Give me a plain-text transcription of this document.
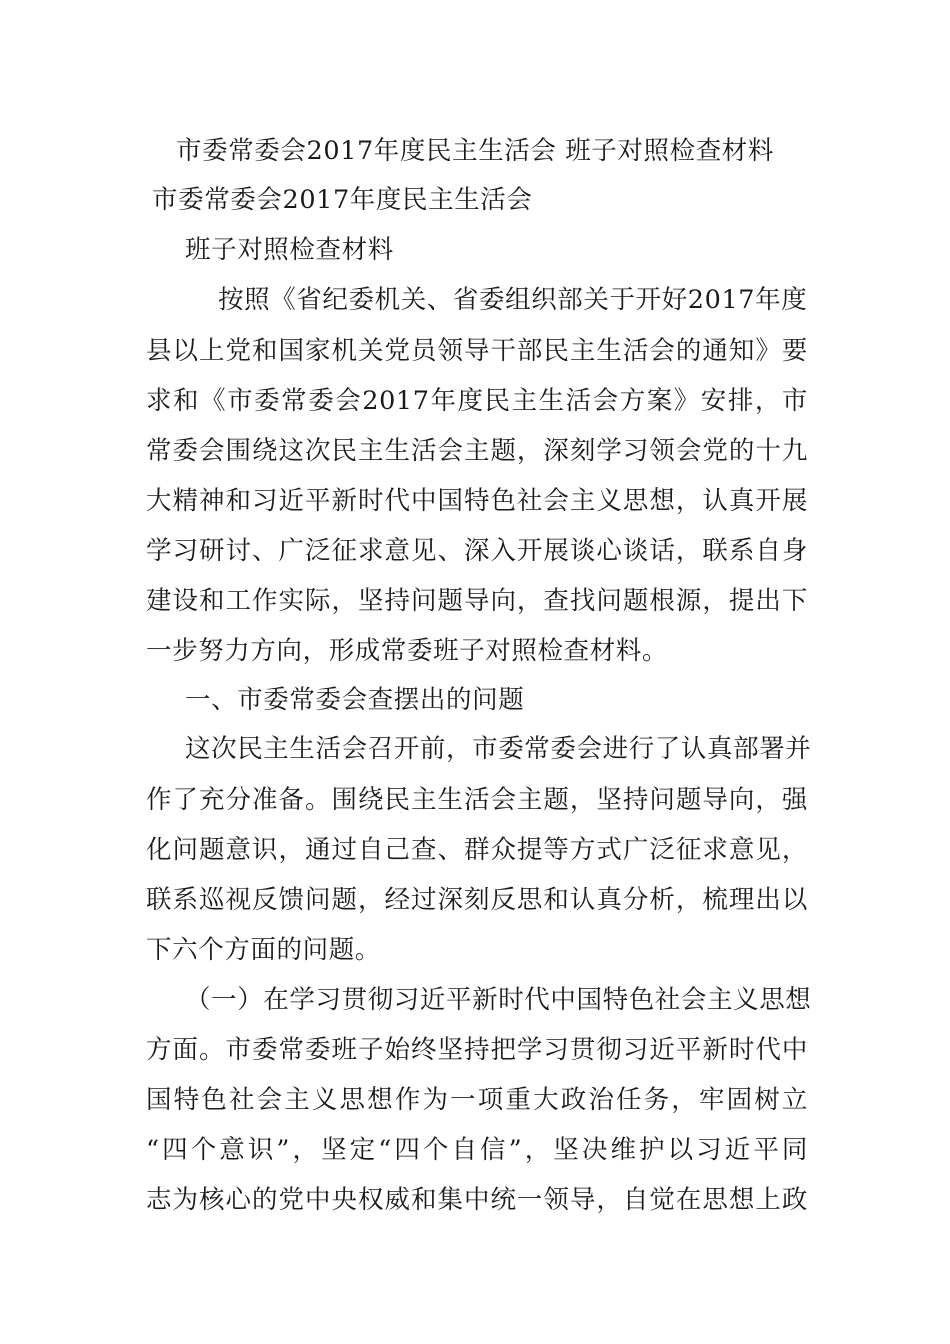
市委常委会2017年度民主生活会 班子对照检查材料
市委常委会2017年度民主生活会
班子对照检查材料
按照《省纪委机关、省委组织部关于开好2017年度
县以上党和国家机关党员领导干部民主生活会的通知》要
求和《市委常委会2017年度民主生活会方案》安排，市
常委会围绕这次民主生活会主题，深刻学习领会党的十九
大精神和习近平新时代中国特色社会主义思想，认真开展
学习研讨、广泛征求意见、深入开展谈心谈话，联系自身
建设和工作实际，坚持问题导向，查找问题根源，提出下
一步努力方向，形成常委班子对照检查材料。
一、市委常委会查摆出的问题
这次民主生活会召开前，市委常委会进行了认真部署并
作了充分准备。围绕民主生活会主题，坚持问题导向，强
化问题意识，通过自己查、群众提等方式广泛征求意见，
联系巡视反馈问题，经过深刻反思和认真分析，梳理出以
下六个方面的问题。
（一）在学习贯彻习近平新时代中国特色社会主义思想
方面。市委常委班子始终坚持把学习贯彻习近平新时代中
国特色社会主义思想作为一项重大政治任务，牢固树立
“四个意识”，坚定“四个自信”，坚决维护以习近平同
志为核心的党中央权威和集中统一领导，自觉在思想上政
